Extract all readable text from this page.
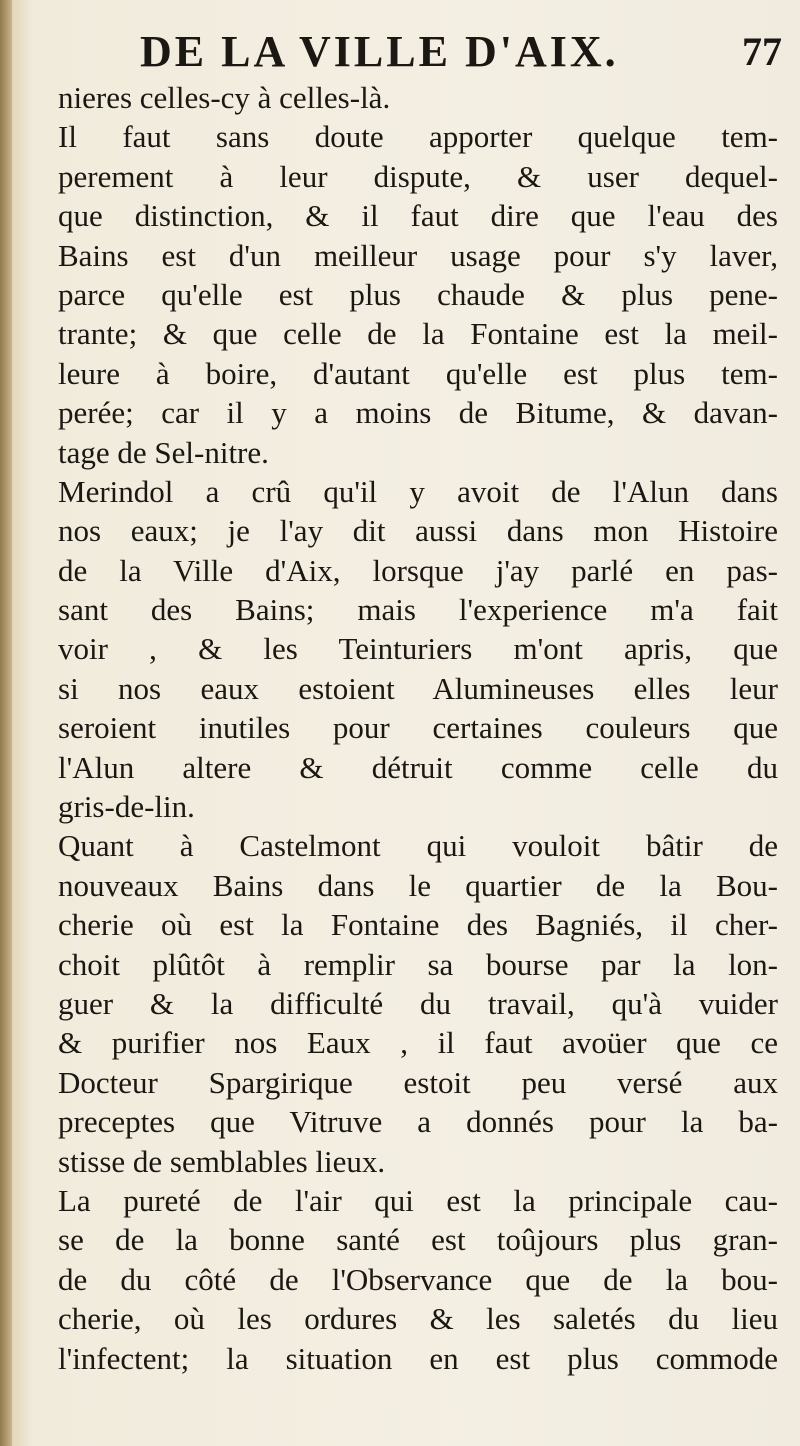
DE LA VILLE D'AIX.	77
nieres celles-cy à celles-là.
Il faut sans doute apporter quelque tem-
perement à leur dispute, & user dequel-
que distinction, & il faut dire que l'eau des
Bains est d'un meilleur usage pour s'y laver,
parce qu'elle est plus chaude & plus pene-
trante; & que celle de la Fontaine est la meil-
leure à boire, d'autant qu'elle est plus tem-
perée; car il y a moins de Bitume, & davan-
tage de Sel-nitre.
Merindol a crû qu'il y avoit de l'Alun dans
nos eaux; je l'ay dit aussi dans mon Histoire
de la Ville d'Aix, lorsque j'ay parlé en pas-
sant des Bains; mais l'experience m'a fait
voir , & les Teinturiers m'ont apris, que
si nos eaux estoient Alumineuses elles leur
seroient inutiles pour certaines couleurs que
l'Alun altere & détruit comme celle du
gris-de-lin.
Quant à Castelmont qui vouloit bâtir de
nouveaux Bains dans le quartier de la Bou-
cherie où est la Fontaine des Bagniés, il cher-
choit plûtôt à remplir sa bourse par la lon-
guer & la difficulté du travail, qu'à vuider
& purifier nos Eaux , il faut avoüer que ce
Docteur Spargirique estoit peu versé aux
preceptes que Vitruve a donnés pour la ba-
stisse de semblables lieux.
La pureté de l'air qui est la principale cau-
se de la bonne santé est toûjours plus gran-
de du côté de l'Observance que de la bou-
cherie, où les ordures & les saletés du lieu
l'infectent; la situation en est plus commode
